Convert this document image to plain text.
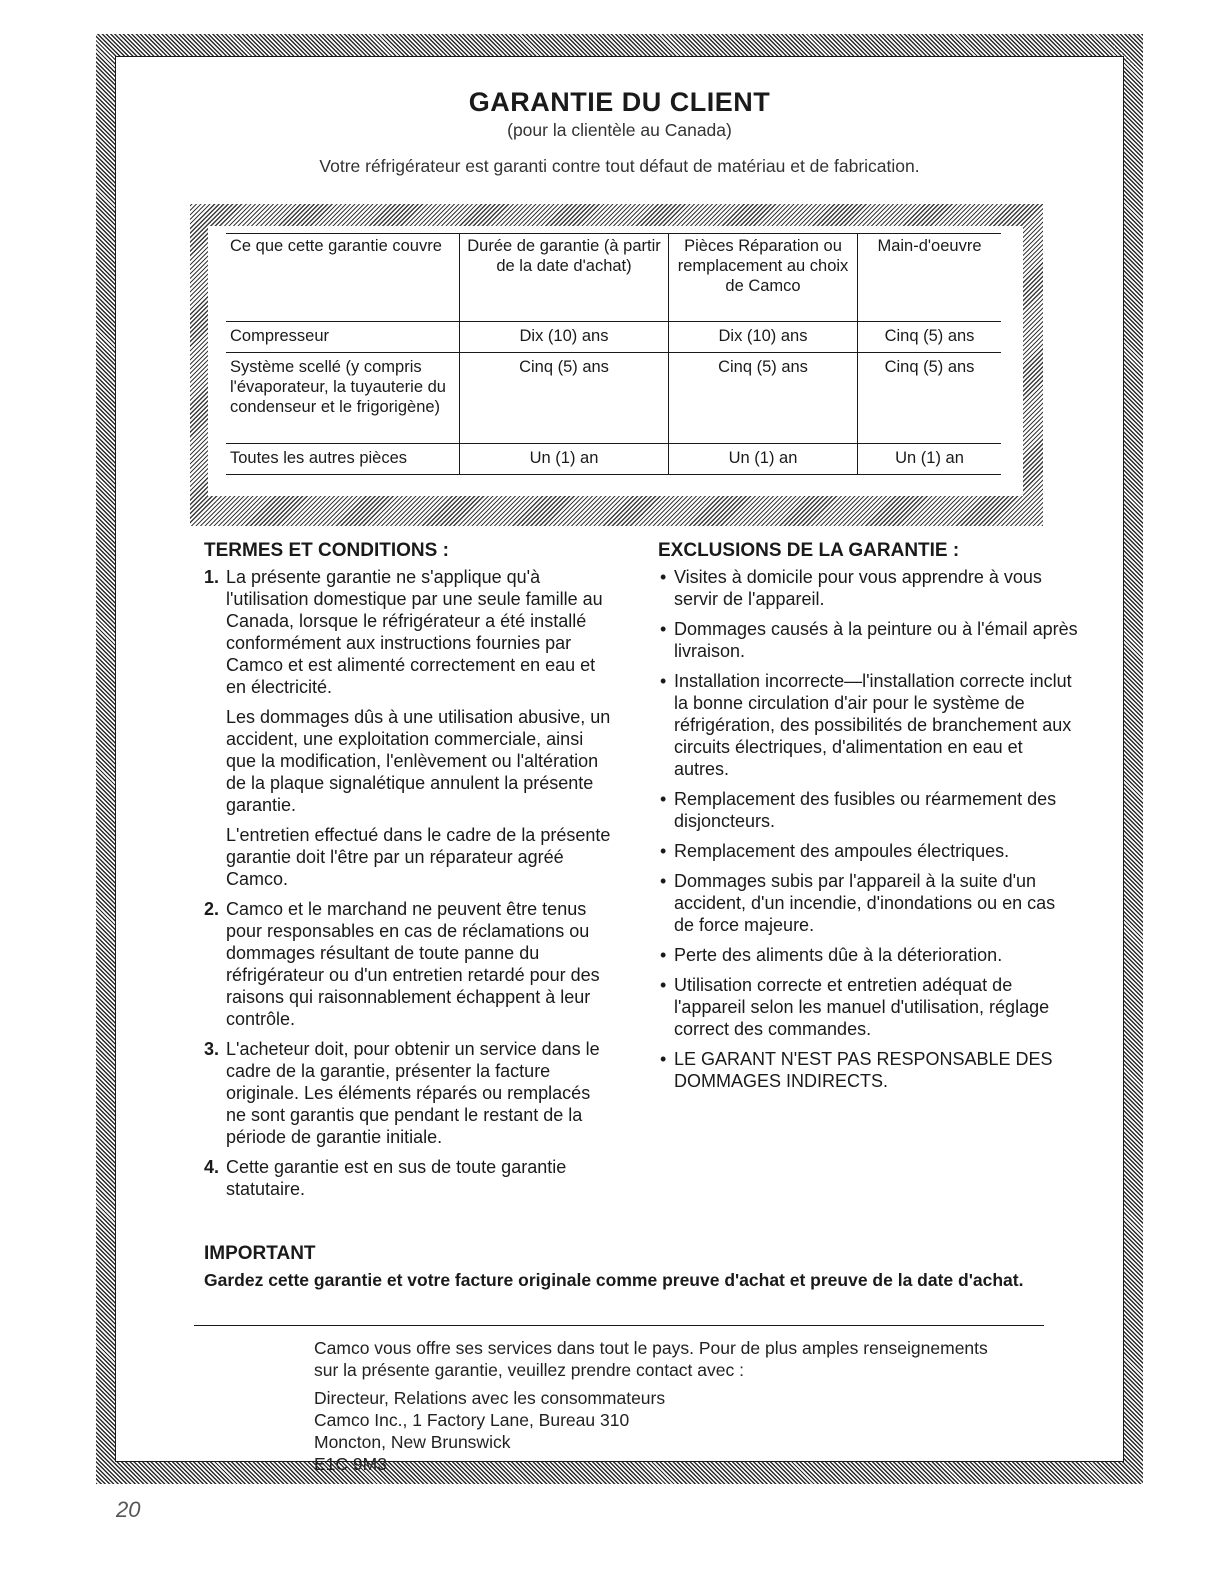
GARANTIE DU CLIENT
(pour la clientèle au Canada)
Votre réfrigérateur est garanti contre tout défaut de matériau et de fabrication.
Ce que cette garantie couvre	Durée de garantie (à partir de la date d'achat)	Pièces Réparation ou remplacement au choix de Camco	Main-d'oeuvre
Compresseur	Dix (10) ans	Dix (10) ans	Cinq (5) ans
Système scellé (y compris l'évaporateur, la tuyauterie du condenseur et le frigorigène)	Cinq (5) ans	Cinq (5) ans	Cinq (5) ans
Toutes les autres pièces	Un (1) an	Un (1) an	Un (1) an
TERMES ET CONDITIONS :
1. La présente garantie ne s'applique qu'à l'utilisation domestique par une seule famille au Canada, lorsque le réfrigérateur a été installé conformément aux instructions fournies par Camco et est alimenté correctement en eau et en électricité.

Les dommages dûs à une utilisation abusive, un accident, une exploitation commerciale, ainsi que la modification, l'enlèvement ou l'altération de la plaque signalétique annulent la présente garantie.

L'entretien effectué dans le cadre de la présente garantie doit l'être par un réparateur agréé Camco.

2. Camco et le marchand ne peuvent être tenus pour responsables en cas de réclamations ou dommages résultant de toute panne du réfrigérateur ou d'un entretien retardé pour des raisons qui raisonnablement échappent à leur contrôle.

3. L'acheteur doit, pour obtenir un service dans le cadre de la garantie, présenter la facture originale. Les éléments réparés ou remplacés ne sont garantis que pendant le restant de la période de garantie initiale.

4. Cette garantie est en sus de toute garantie statutaire.

EXCLUSIONS DE LA GARANTIE :
• Visites à domicile pour vous apprendre à vous servir de l'appareil.
• Dommages causés à la peinture ou à l'émail après livraison.
• Installation incorrecte—l'installation correcte inclut la bonne circulation d'air pour le système de réfrigération, des possibilités de branchement aux circuits électriques, d'alimentation en eau et autres.
• Remplacement des fusibles ou réarmement des disjoncteurs.
• Remplacement des ampoules électriques.
• Dommages subis par l'appareil à la suite d'un accident, d'un incendie, d'inondations ou en cas de force majeure.
• Perte des aliments dûe à la déterioration.
• Utilisation correcte et entretien adéquat de l'appareil selon les manuel d'utilisation, réglage correct des commandes.
• LE GARANT N'EST PAS RESPONSABLE DES DOMMAGES INDIRECTS.
IMPORTANT
Gardez cette garantie et votre facture originale comme preuve d'achat et preuve de la date d'achat.

Camco vous offre ses services dans tout le pays. Pour de plus amples renseignements sur la présente garantie, veuillez prendre contact avec :

Directeur, Relations avec les consommateurs
Camco Inc., 1 Factory Lane, Bureau 310
Moncton, New Brunswick
E1C 9M3
20
